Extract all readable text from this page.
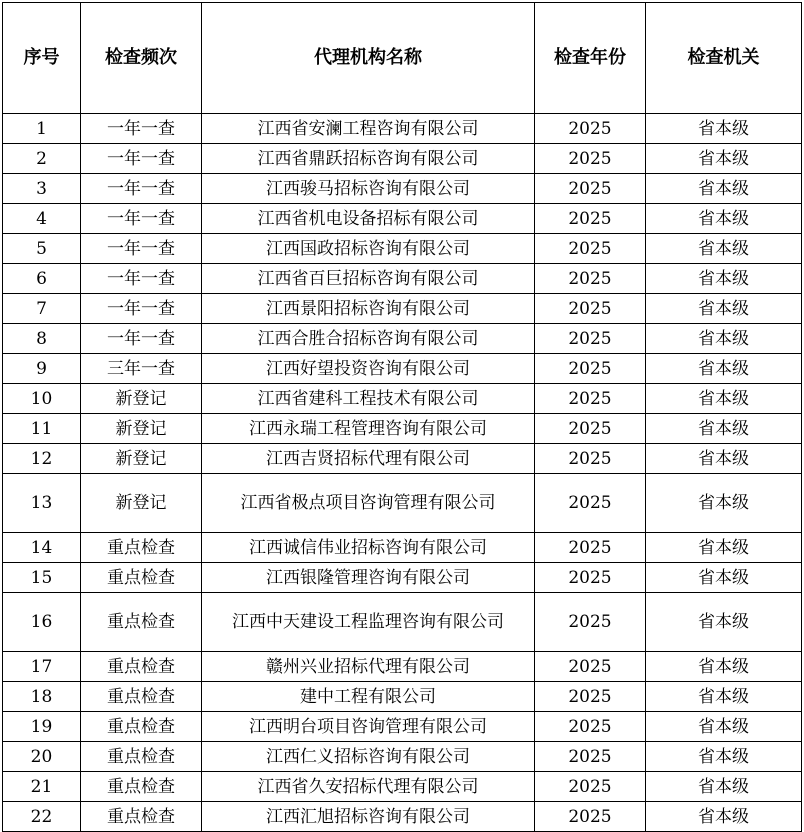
序号	检查频次	代理机构名称	检查年份	检查机关
1	一年一查	江西省安澜工程咨询有限公司	2025	省本级
2	一年一查	江西省鼎跃招标咨询有限公司	2025	省本级
3	一年一查	江西骏马招标咨询有限公司	2025	省本级
4	一年一查	江西省机电设备招标有限公司	2025	省本级
5	一年一查	江西国政招标咨询有限公司	2025	省本级
6	一年一查	江西省百巨招标咨询有限公司	2025	省本级
7	一年一查	江西景阳招标咨询有限公司	2025	省本级
8	一年一查	江西合胜合招标咨询有限公司	2025	省本级
9	三年一查	江西好望投资咨询有限公司	2025	省本级
10	新登记	江西省建科工程技术有限公司	2025	省本级
11	新登记	江西永瑞工程管理咨询有限公司	2025	省本级
12	新登记	江西吉贤招标代理有限公司	2025	省本级
13	新登记	江西省极点项目咨询管理有限公司	2025	省本级
14	重点检查	江西诚信伟业招标咨询有限公司	2025	省本级
15	重点检查	江西银隆管理咨询有限公司	2025	省本级
16	重点检查	江西中天建设工程监理咨询有限公司	2025	省本级
17	重点检查	赣州兴业招标代理有限公司	2025	省本级
18	重点检查	建中工程有限公司	2025	省本级
19	重点检查	江西明台项目咨询管理有限公司	2025	省本级
20	重点检查	江西仁义招标咨询有限公司	2025	省本级
21	重点检查	江西省久安招标代理有限公司	2025	省本级
22	重点检查	江西汇旭招标咨询有限公司	2025	省本级
